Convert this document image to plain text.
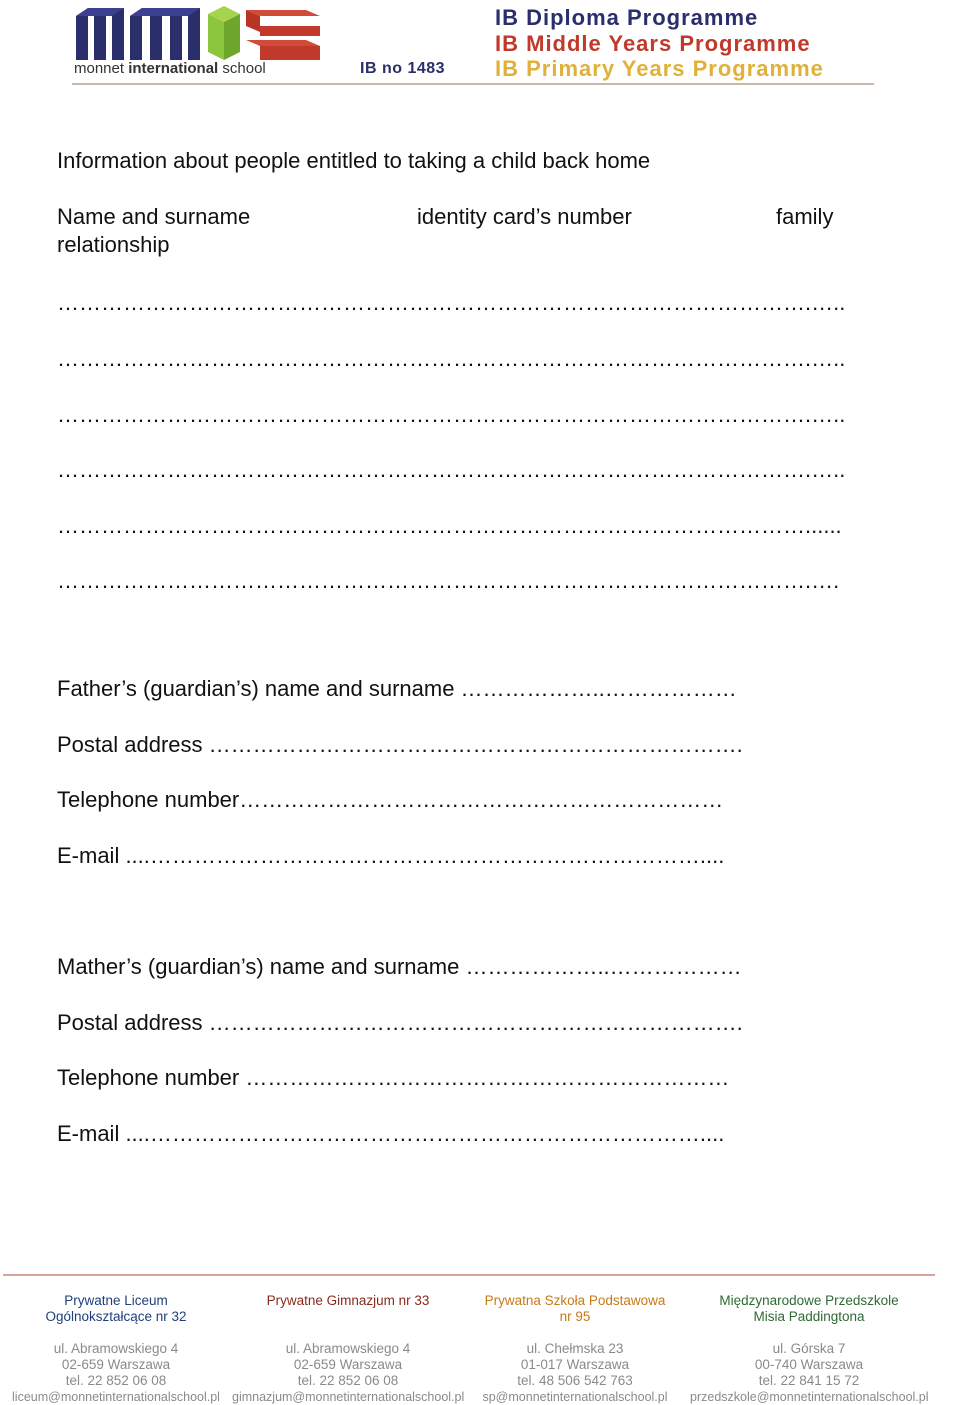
monnet international school	IB no 1483
IB Diploma Programme
IB Middle Years Programme
IB Primary Years Programme
Information about people entitled to taking a child back home
Name and surname	identity card’s number	family
relationship
………………………………………………………………………………………….…..
………………………………………………………………………………………….…..
………………………………………………………………………………………….…..
………………………………………………………………………………………….…..
…………………………………………………………………………………………......
………………………………………………………………………………………….….
Father’s (guardian’s) name and surname ………………..………………
Postal address ……………………………………………………………….
Telephone number…………………………………………………………
E-mail ....…………………………………………………………………....
Mather’s (guardian’s) name and surname ………………..………………
Postal address ……………………………………………………………….
Telephone number …………………………………………………………
E-mail ....…………………………………………………………………....
Prywatne Liceum
Ogólnokształcące nr 32
ul. Abramowskiego 4
02-659 Warszawa
tel. 22 852 06 08
liceum@monnetinternationalschool.pl
Prywatne Gimnazjum nr 33

ul. Abramowskiego 4
02-659 Warszawa
tel. 22 852 06 08
gimnazjum@monnetinternationalschool.pl
Prywatna Szkoła Podstawowa
nr 95
ul. Chełmska 23
01-017 Warszawa
tel. 48 506 542 763
sp@monnetinternationalschool.pl
Międzynarodowe Przedszkole
Misia Paddingtona
ul. Górska 7
00-740 Warszawa
tel. 22 841 15 72
przedszkole@monnetinternationalschool.pl
